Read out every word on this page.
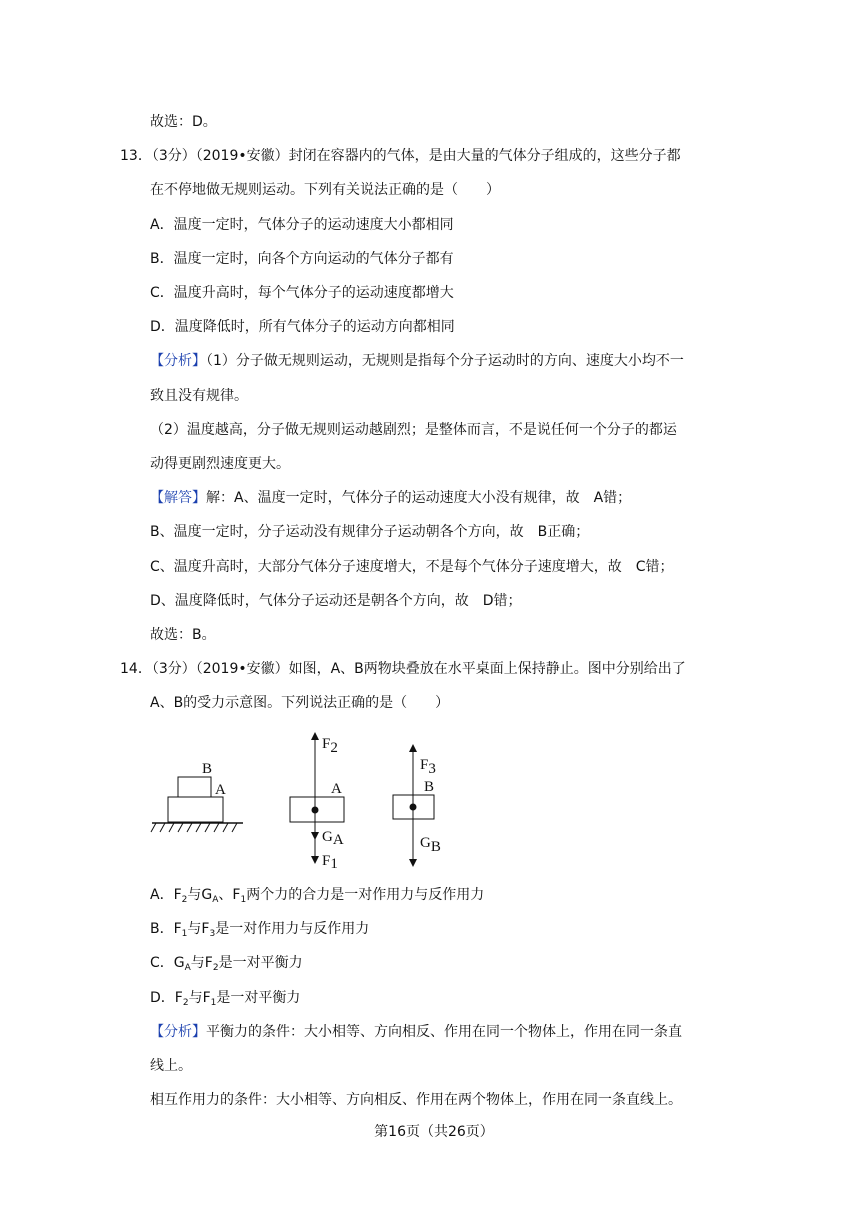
故选：D。
13．（3分）（2019•安徽）封闭在容器内的气体，是由大量的气体分子组成的，这些分子都
在不停地做无规则运动。下列有关说法正确的是（　　）
A．温度一定时，气体分子的运动速度大小都相同
B．温度一定时，向各个方向运动的气体分子都有
C．温度升高时，每个气体分子的运动速度都增大
D．温度降低时，所有气体分子的运动方向都相同
【分析】（1）分子做无规则运动，无规则是指每个分子运动时的方向、速度大小均不一
致且没有规律。
（2）温度越高，分子做无规则运动越剧烈；是整体而言，不是说任何一个分子的都运
动得更剧烈速度更大。
【解答】解：A、温度一定时，气体分子的运动速度大小没有规律，故　A错；
B、温度一定时，分子运动没有规律分子运动朝各个方向，故　B正确；
C、温度升高时，大部分气体分子速度增大，不是每个气体分子速度增大，故　C错；
D、温度降低时，气体分子运动还是朝各个方向，故　D错；
故选：B。
14．（3分）（2019•安徽）如图，A、B两物块叠放在水平桌面上保持静止。图中分别给出了
A、B的受力示意图。下列说法正确的是（　　）
A．$F_2$与$G_A$、$F_1$两个力的合力是一对作用力与反作用力
B．$F_1$与$F_3$是一对作用力与反作用力
C．$G_A$与$F_2$是一对平衡力
D．$F_2$与$F_1$是一对平衡力
【分析】平衡力的条件：大小相等、方向相反、作用在同一个物体上，作用在同一条直
线上。
相互作用力的条件：大小相等、方向相反、作用在两个物体上，作用在同一条直线上。
B
A
F2
A
GA
F1
F3
B
GB
第16页（共26页）
